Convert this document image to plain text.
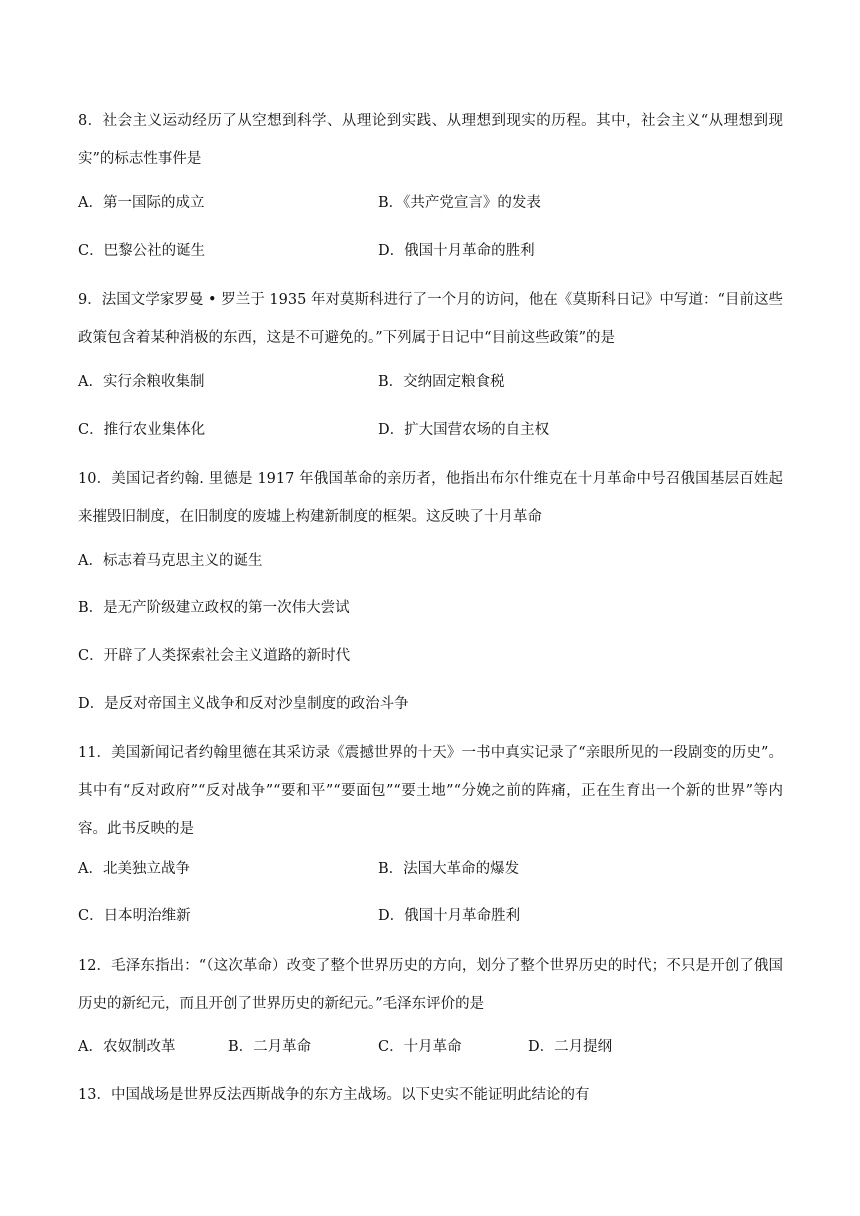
8．社会主义运动经历了从空想到科学、从理论到实践、从理想到现实的历程。其中，社会主义“从理想到现实”的标志性事件是
A．第一国际的成立	B．《共产党宣言》的发表
C．巴黎公社的诞生	D．俄国十月革命的胜利
9．法国文学家罗曼 • 罗兰于 1935 年对莫斯科进行了一个月的访问，他在《莫斯科日记》中写道：“目前这些政策包含着某种消极的东西，这是不可避免的。”下列属于日记中“目前这些政策”的是
A．实行余粮收集制	B．交纳固定粮食税
C．推行农业集体化	D．扩大国营农场的自主权
10．美国记者约翰. 里德是 1917 年俄国革命的亲历者，他指出布尔什维克在十月革命中号召俄国基层百姓起来摧毁旧制度，在旧制度的废墟上构建新制度的框架。这反映了十月革命
A．标志着马克思主义的诞生
B．是无产阶级建立政权的第一次伟大尝试
C．开辟了人类探索社会主义道路的新时代
D．是反对帝国主义战争和反对沙皇制度的政治斗争
11．美国新闻记者约翰里德在其采访录《震撼世界的十天》一书中真实记录了“亲眼所见的一段剧变的历史”。其中有“反对政府”“反对战争”“要和平”“要面包”“要土地”“分娩之前的阵痛，正在生育出一个新的世界”等内容。此书反映的是
A．北美独立战争	B．法国大革命的爆发
C．日本明治维新	D．俄国十月革命胜利
12．毛泽东指出：“（这次革命）改变了整个世界历史的方向，划分了整个世界历史的时代；不只是开创了俄国历史的新纪元，而且开创了世界历史的新纪元。”毛泽东评价的是
A．农奴制改革	B．二月革命	C．十月革命	D．二月提纲
13．中国战场是世界反法西斯战争的东方主战场。以下史实不能证明此结论的有
